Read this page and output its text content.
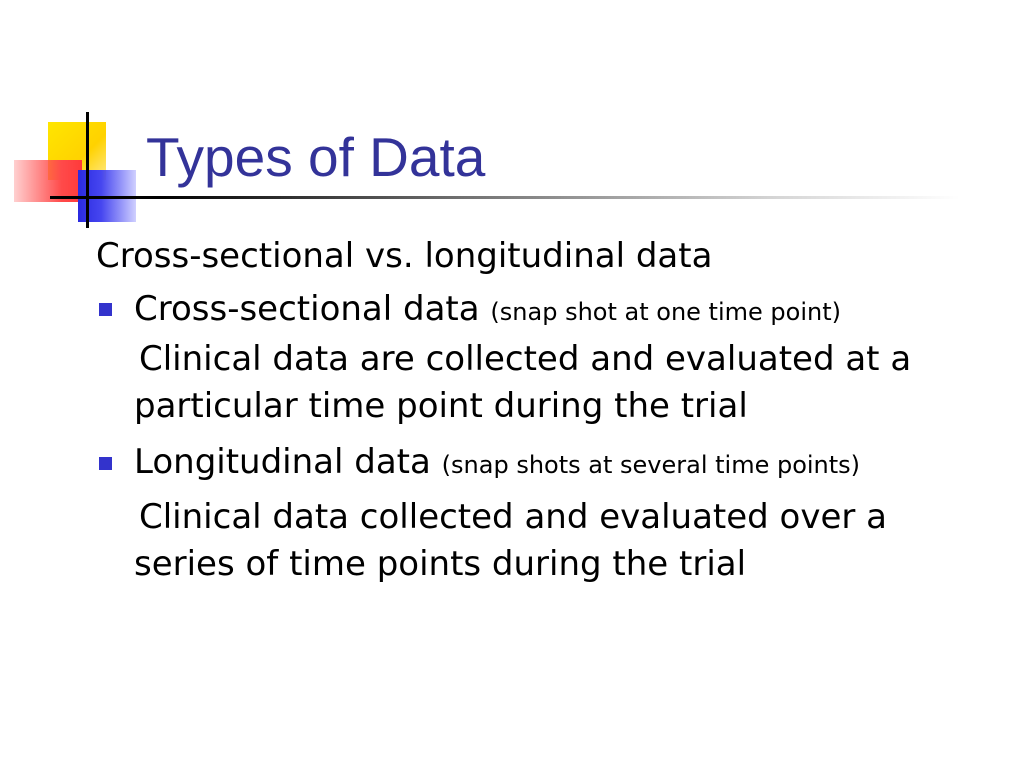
Types of Data
Cross-sectional vs. longitudinal data
Cross-sectional data (snap shot at one time point)
Clinical data are collected and evaluated at a particular time point during the trial
Longitudinal data (snap shots at several time points)
Clinical data collected and evaluated over a series of time points during the trial
